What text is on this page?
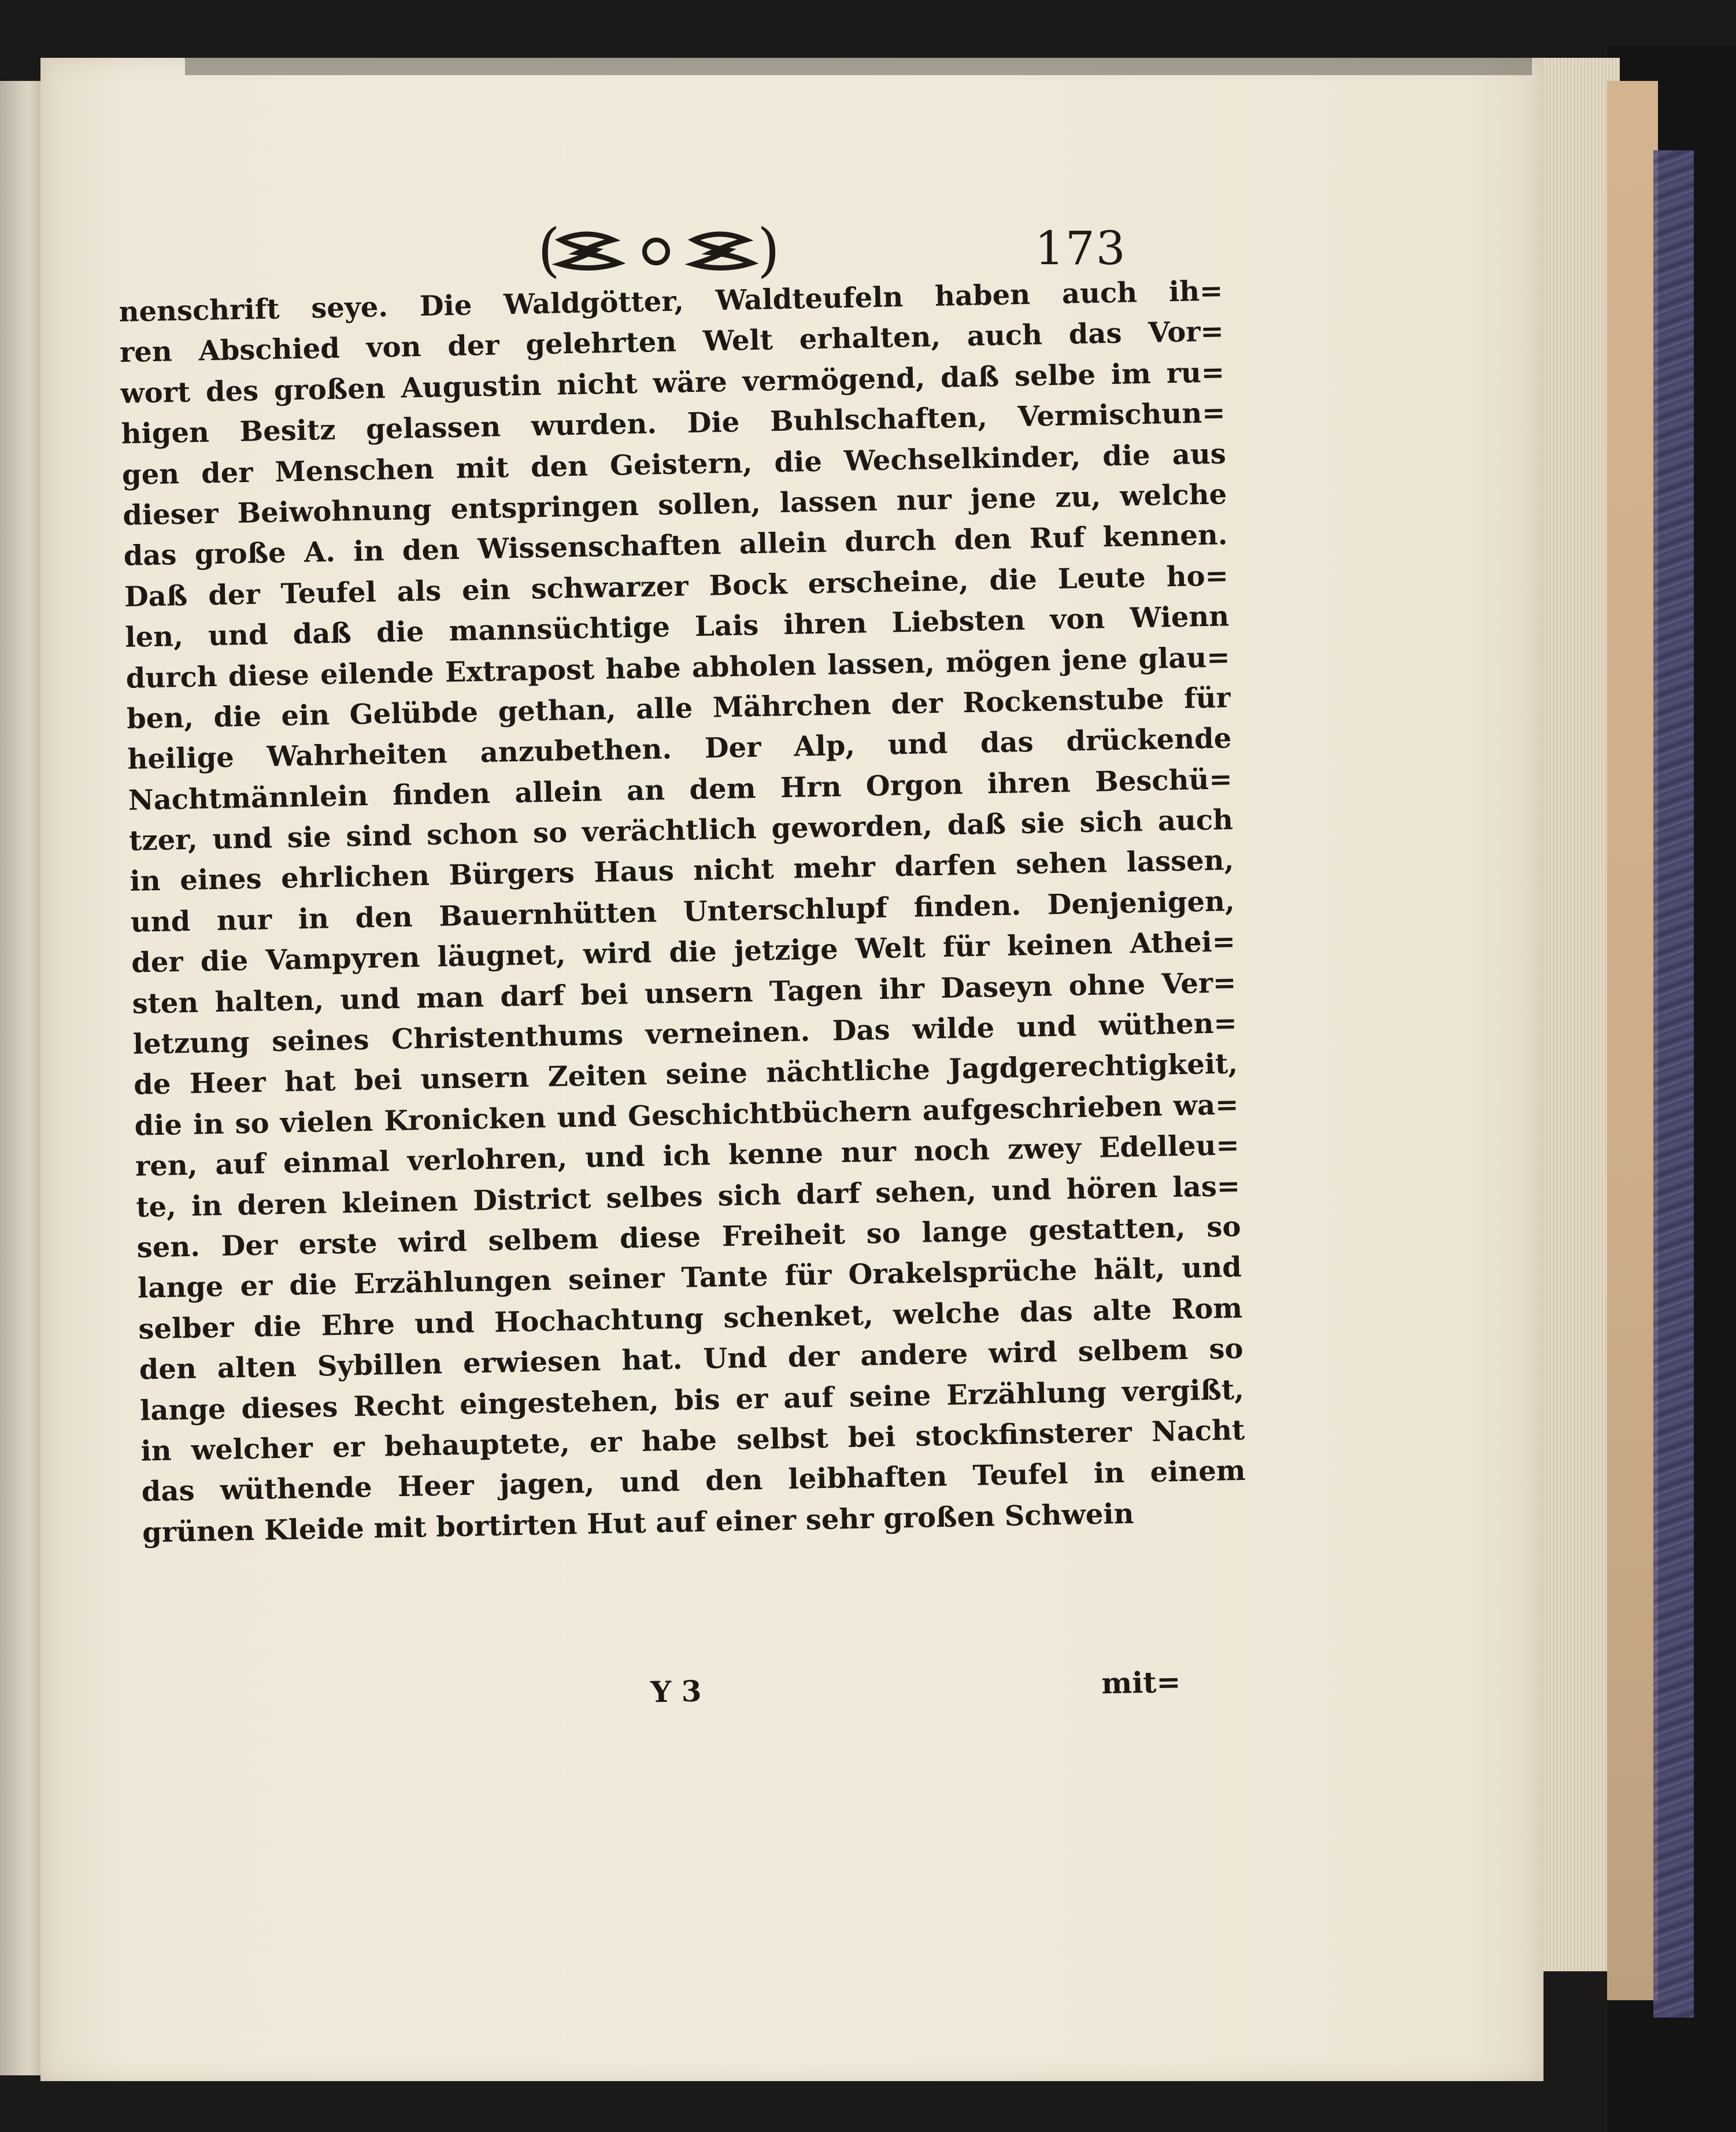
(	)	173
nenschrift seye. Die Waldgötter, Waldteufeln haben auch ih=
ren Abschied von der gelehrten Welt erhalten, auch das Vor=
wort des großen Augustin nicht wäre vermögend, daß selbe im ru=
higen Besitz gelassen wurden. Die Buhlschaften, Vermischun=
gen der Menschen mit den Geistern, die Wechselkinder, die aus
dieser Beiwohnung entspringen sollen, lassen nur jene zu, welche
das große A. in den Wissenschaften allein durch den Ruf kennen.
Daß der Teufel als ein schwarzer Bock erscheine, die Leute ho=
len, und daß die mannsüchtige Lais ihren Liebsten von Wienn
durch diese eilende Extrapost habe abholen lassen, mögen jene glau=
ben, die ein Gelübde gethan, alle Mährchen der Rockenstube für
heilige Wahrheiten anzubethen. Der Alp, und das drückende
Nachtmännlein finden allein an dem Hrn Orgon ihren Beschü=
tzer, und sie sind schon so verächtlich geworden, daß sie sich auch
in eines ehrlichen Bürgers Haus nicht mehr darfen sehen lassen,
und nur in den Bauernhütten Unterschlupf finden. Denjenigen,
der die Vampyren läugnet, wird die jetzige Welt für keinen Athei=
sten halten, und man darf bei unsern Tagen ihr Daseyn ohne Ver=
letzung seines Christenthums verneinen. Das wilde und wüthen=
de Heer hat bei unsern Zeiten seine nächtliche Jagdgerechtigkeit,
die in so vielen Kronicken und Geschichtbüchern aufgeschrieben wa=
ren, auf einmal verlohren, und ich kenne nur noch zwey Edelleu=
te, in deren kleinen District selbes sich darf sehen, und hören las=
sen. Der erste wird selbem diese Freiheit so lange gestatten, so
lange er die Erzählungen seiner Tante für Orakelsprüche hält, und
selber die Ehre und Hochachtung schenket, welche das alte Rom
den alten Sybillen erwiesen hat. Und der andere wird selbem so
lange dieses Recht eingestehen, bis er auf seine Erzählung vergißt,
in welcher er behauptete, er habe selbst bei stockfinsterer Nacht
das wüthende Heer jagen, und den leibhaften Teufel in einem
grünen Kleide mit bortirten Hut auf einer sehr großen Schwein
Y 3	mit=
